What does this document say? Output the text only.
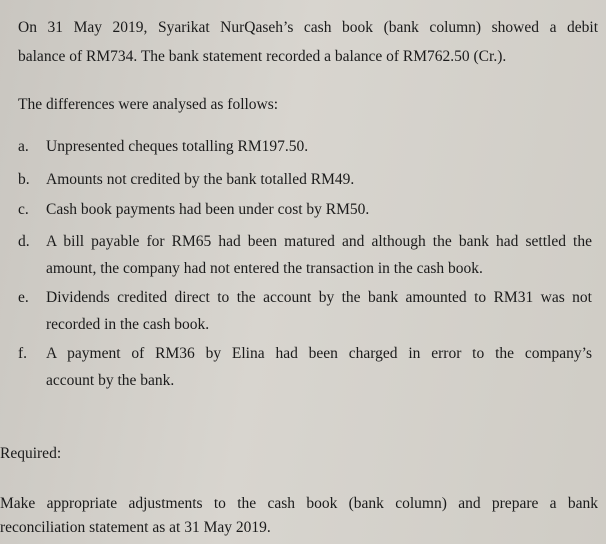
On 31 May 2019, Syarikat NurQaseh’s cash book (bank column) showed a debit

balance of RM734. The bank statement recorded a balance of RM762.50 (Cr.).

The differences were analysed as follows:

a. Unpresented cheques totalling RM197.50.
b. Amounts not credited by the bank totalled RM49.
c. Cash book payments had been under cost by RM50.
d. A bill payable for RM65 had been matured and although the bank had settled the
amount, the company had not entered the transaction in the cash book.
e. Dividends credited direct to the account by the bank amounted to RM31 was not
recorded in the cash book.
f. A payment of RM36 by Elina had been charged in error to the company’s
account by the bank.

Required:

Make appropriate adjustments to the cash book (bank column) and prepare a bank

reconciliation statement as at 31 May 2019.
